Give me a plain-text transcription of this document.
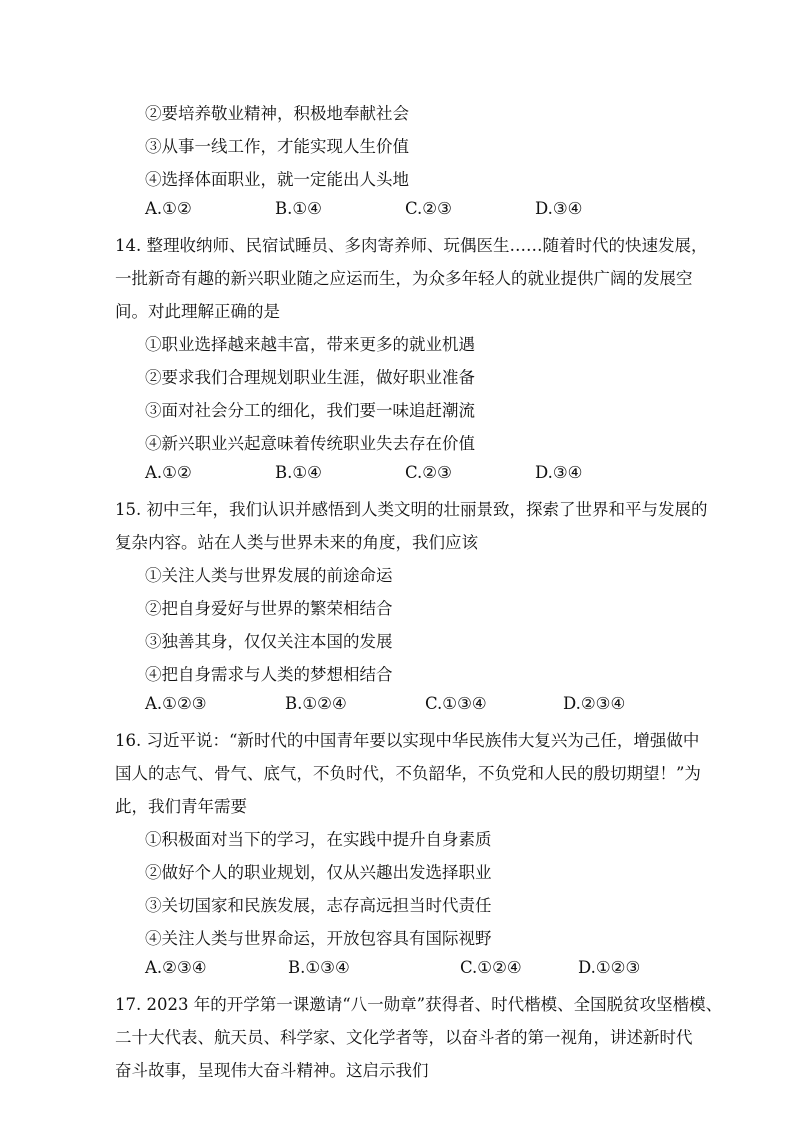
②要培养敬业精神，积极地奉献社会
③从事一线工作，才能实现人生价值
④选择体面职业，就一定能出人头地
A.①②	B.①④	C.②③	D.③④
14. 整理收纳师、民宿试睡员、多肉寄养师、玩偶医生……随着时代的快速发展，
一批新奇有趣的新兴职业随之应运而生，为众多年轻人的就业提供广阔的发展空
间。对此理解正确的是
①职业选择越来越丰富，带来更多的就业机遇
②要求我们合理规划职业生涯，做好职业准备
③面对社会分工的细化，我们要一味追赶潮流
④新兴职业兴起意味着传统职业失去存在价值
A.①②	B.①④	C.②③	D.③④
15. 初中三年，我们认识并感悟到人类文明的壮丽景致，探索了世界和平与发展的
复杂内容。站在人类与世界未来的角度，我们应该
①关注人类与世界发展的前途命运
②把自身爱好与世界的繁荣相结合
③独善其身，仅仅关注本国的发展
④把自身需求与人类的梦想相结合
A.①②③	B.①②④	C.①③④	D.②③④
16. 习近平说：“新时代的中国青年要以实现中华民族伟大复兴为己任，增强做中
国人的志气、骨气、底气，不负时代，不负韶华，不负党和人民的殷切期望！”为
此，我们青年需要
①积极面对当下的学习，在实践中提升自身素质
②做好个人的职业规划，仅从兴趣出发选择职业
③关切国家和民族发展，志存高远担当时代责任
④关注人类与世界命运，开放包容具有国际视野
A.②③④	B.①③④	C.①②④	D.①②③
17. 2023 年的开学第一课邀请“八一勋章”获得者、时代楷模、全国脱贫攻坚楷模、
二十大代表、航天员、科学家、文化学者等，以奋斗者的第一视角，讲述新时代
奋斗故事，呈现伟大奋斗精神。这启示我们
